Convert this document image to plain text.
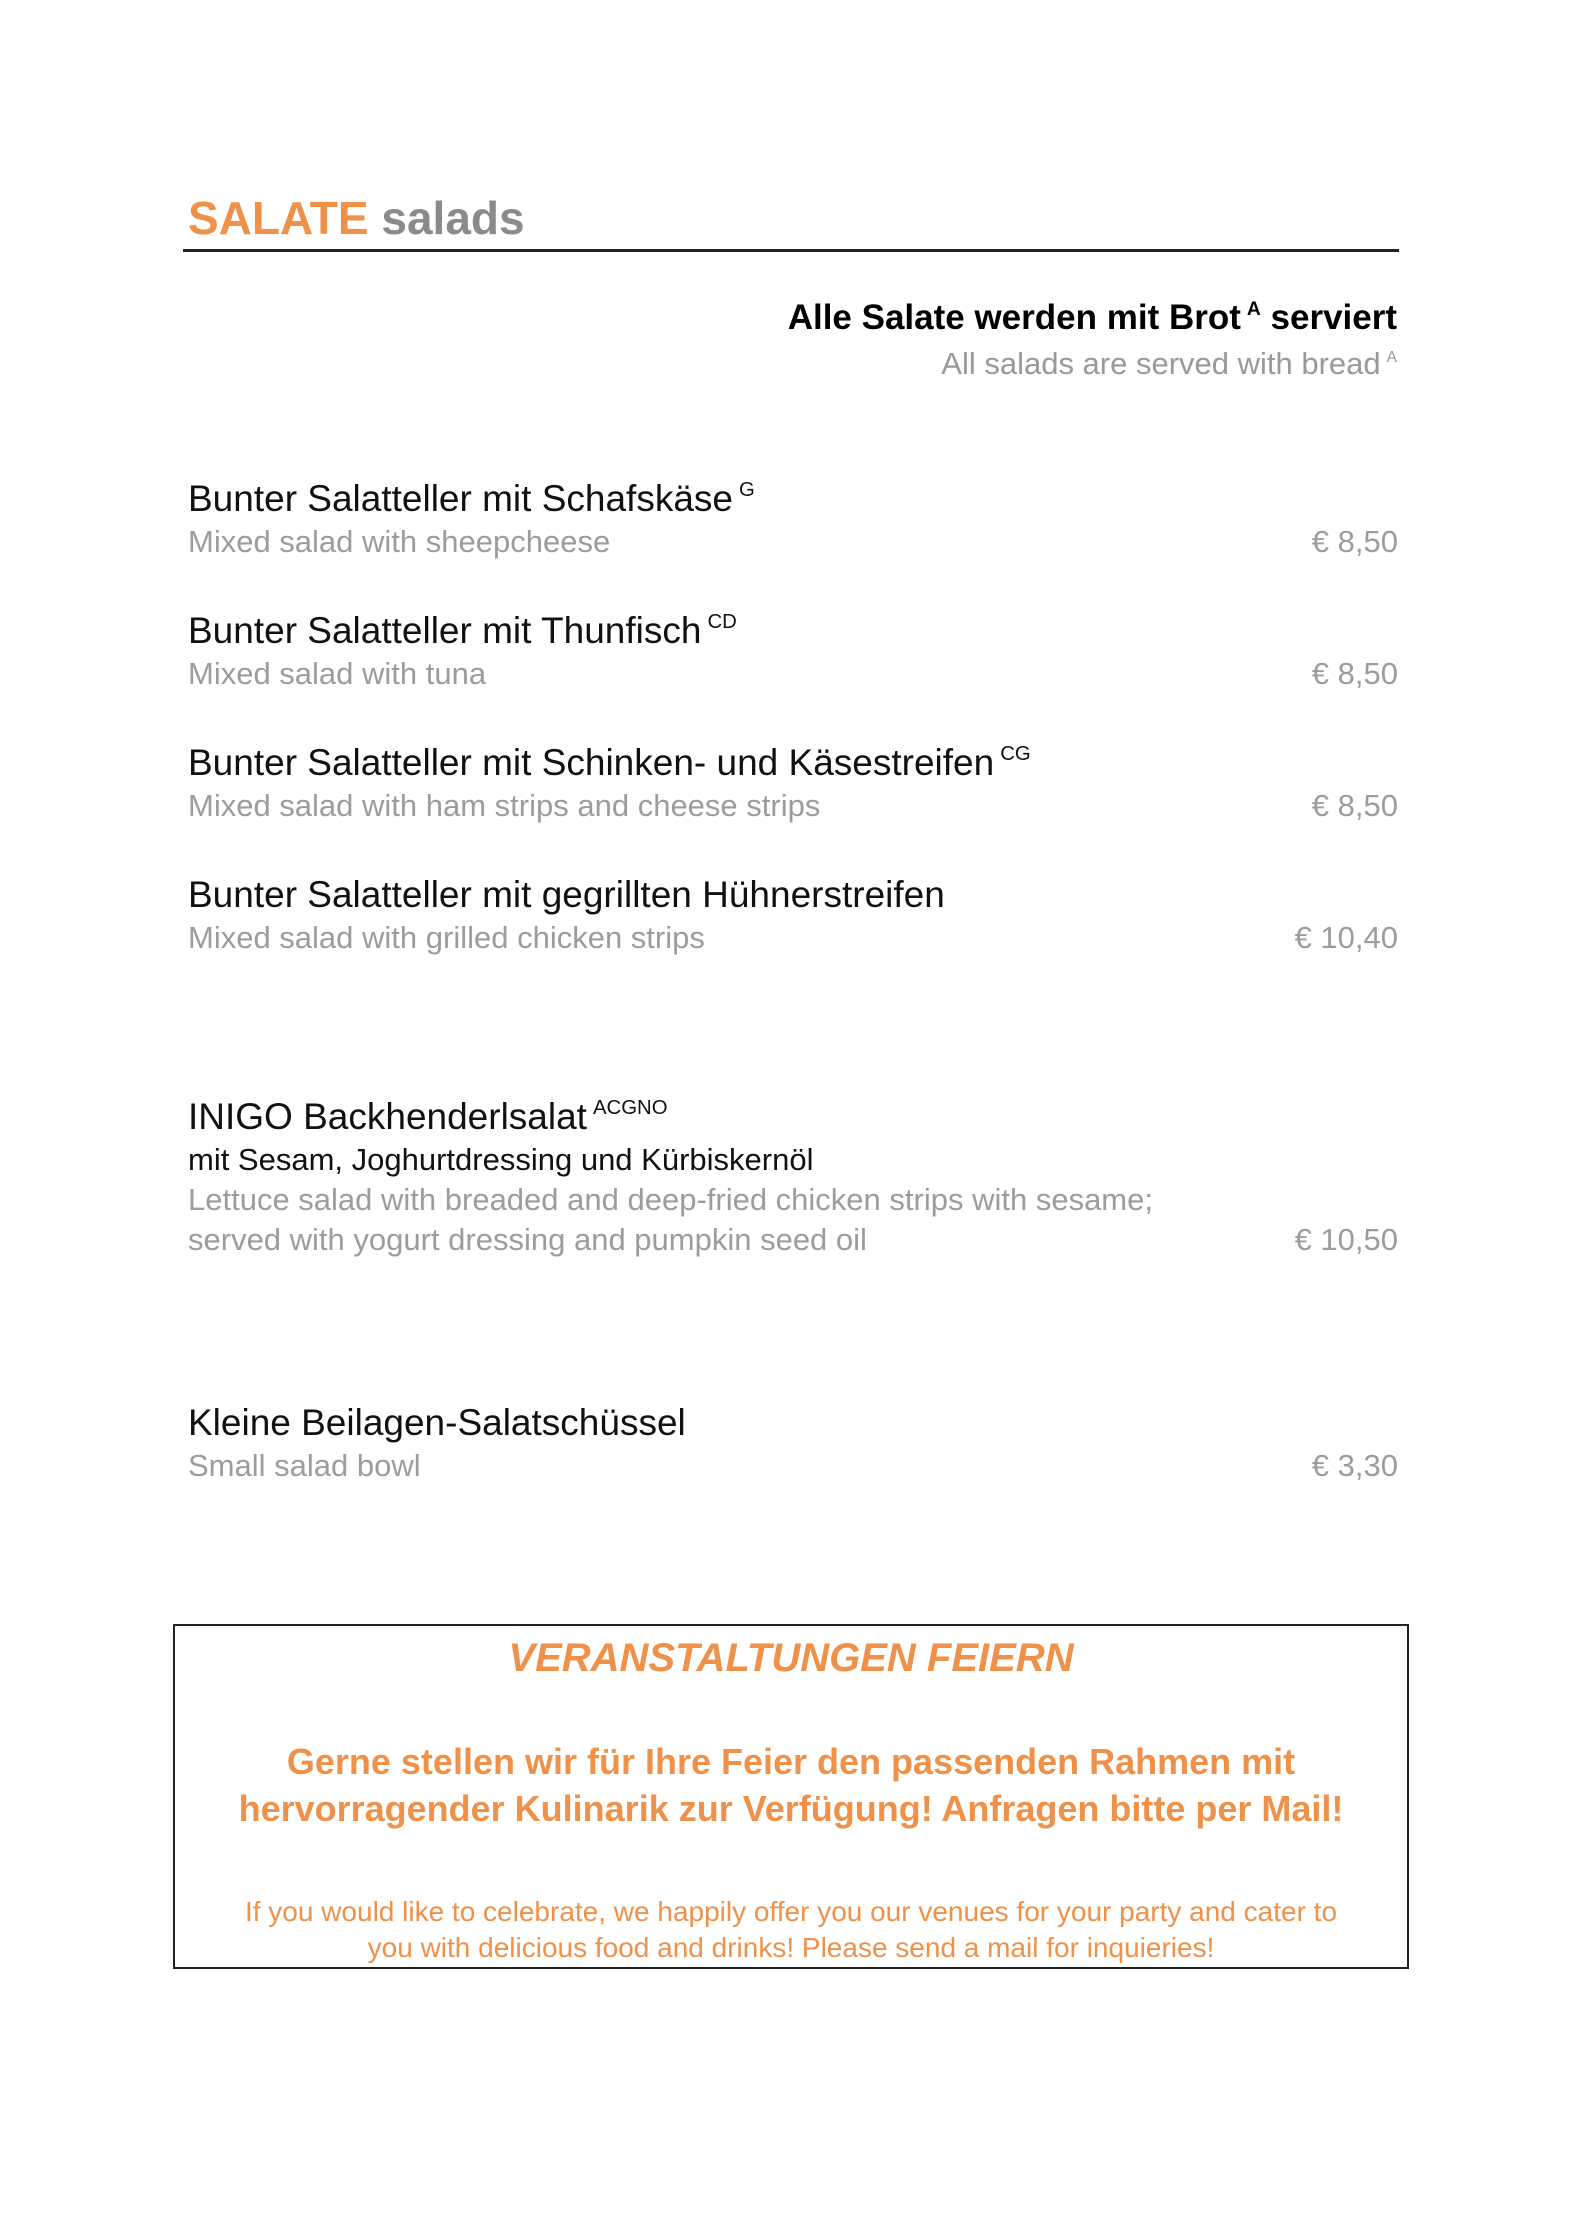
SALATE salads
Alle Salate werden mit Brot $^A$ serviert
All salads are served with bread $^A$
Bunter Salatteller mit Schafskäse $^G$
Mixed salad with sheepcheese	€ 8,50
Bunter Salatteller mit Thunfisch $^{CD}$
Mixed salad with tuna	€ 8,50
Bunter Salatteller mit Schinken- und Käsestreifen $^{CG}$
Mixed salad with ham strips and cheese strips	€ 8,50
Bunter Salatteller mit gegrillten Hühnerstreifen
Mixed salad with grilled chicken strips	€ 10,40
INIGO Backhenderlsalat $^{ACGNO}$
mit Sesam, Joghurtdressing und Kürbiskernöl
Lettuce salad with breaded and deep-fried chicken strips with sesame;
served with yogurt dressing and pumpkin seed oil	€ 10,50
Kleine Beilagen-Salatschüssel
Small salad bowl	€ 3,30
VERANSTALTUNGEN FEIERN
Gerne stellen wir für Ihre Feier den passenden Rahmen mit
hervorragender Kulinarik zur Verfügung! Anfragen bitte per Mail!
If you would like to celebrate, we happily offer you our venues for your party and cater to
you with delicious food and drinks! Please send a mail for inquieries!
